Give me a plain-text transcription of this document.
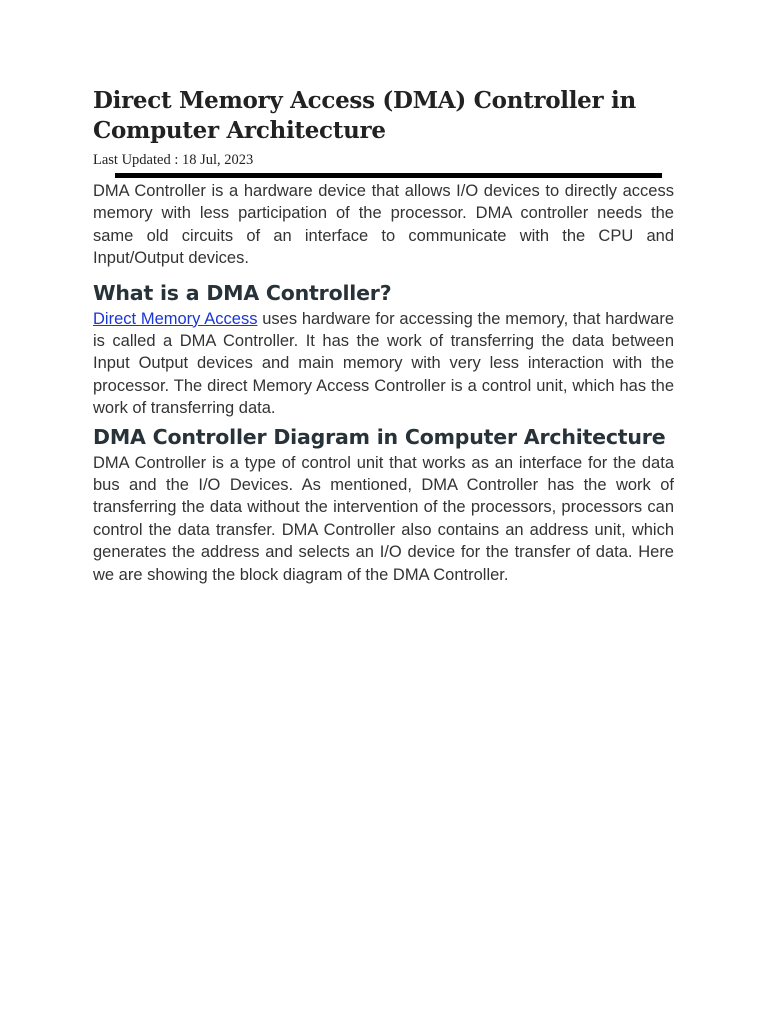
Direct Memory Access (DMA) Controller in Computer Architecture
Last Updated : 18 Jul, 2023

DMA Controller is a hardware device that allows I/O devices to directly access memory with less participation of the processor. DMA controller needs the same old circuits of an interface to communicate with the CPU and Input/Output devices.

What is a DMA Controller?

Direct Memory Access uses hardware for accessing the memory, that hardware is called a DMA Controller. It has the work of transferring the data between Input Output devices and main memory with very less interaction with the processor. The direct Memory Access Controller is a control unit, which has the work of transferring data.

DMA Controller Diagram in Computer Architecture

DMA Controller is a type of control unit that works as an interface for the data bus and the I/O Devices. As mentioned, DMA Controller has the work of transferring the data without the intervention of the processors, processors can control the data transfer. DMA Controller also contains an address unit, which generates the address and selects an I/O device for the transfer of data. Here we are showing the block diagram of the DMA Controller.
